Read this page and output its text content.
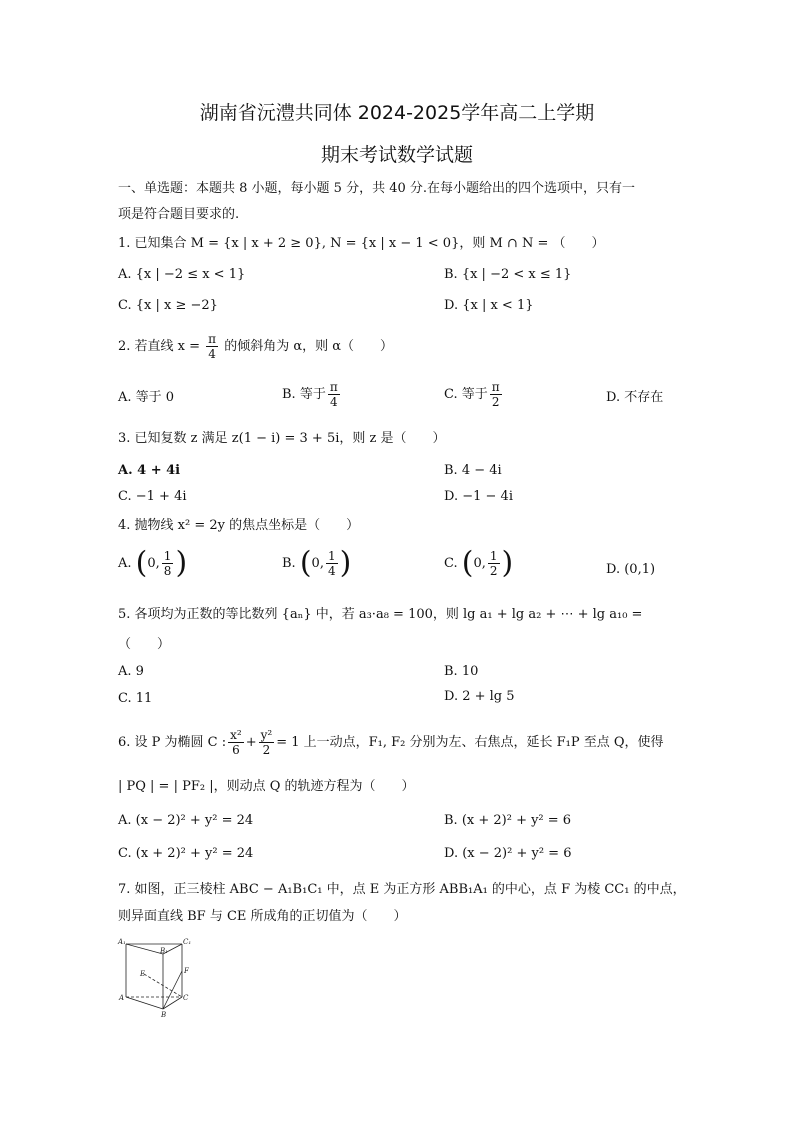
湖南省沅澧共同体 2024-2025学年高二上学期
期末考试数学试题
一、单选题：本题共 8 小题，每小题 5 分，共 40 分.在每小题给出的四个选项中，只有一
项是符合题目要求的.
1. 已知集合 M = {x | x + 2 ≥ 0}, N = {x | x − 1 < 0}，则 M ∩ N = （　　）
A. {x | −2 ≤ x < 1}	B. {x | −2 < x ≤ 1}
C. {x | x ≥ −2}	D. {x | x < 1}
2. 若直线 $x = \frac{\pi}{4}$ 的倾斜角为 α，则 α（　　）
A. 等于 0	B. 等于 $\frac{\pi}{4}$	C. 等于 $\frac{\pi}{2}$	D. 不存在
3. 已知复数 z 满足 z(1 − i) = 3 + 5i，则 z 是（　　）
A. 4 + 4i	B. 4 − 4i
C. −1 + 4i	D. −1 − 4i
4. 抛物线 x² = 2y 的焦点坐标是（　　）
A. (0, $\frac{1}{8}$ )	B. (0, $\frac{1}{4}$ )	C. (0, $\frac{1}{2}$ )	D. (0,1)
5. 各项均为正数的等比数列 {aₙ} 中，若 a₃·a₈ = 100，则 lg a₁ + lg a₂ + ⋯ + lg a₁₀ =
（　　）
A. 9	B. 10
C. 11	D. 2 + lg 5
6. 设 P 为椭圆 C : $\frac{\text{x²}}{6} + \frac{\text{y²}}{2} = 1$ 上一动点，F₁, F₂ 分别为左、右焦点，延长 F₁P 至点 Q，使得
| PQ | = | PF₂ |，则动点 Q 的轨迹方程为（　　）
A. (x − 2)² + y² = 24	B. (x + 2)² + y² = 6
C. (x + 2)² + y² = 24	D. (x − 2)² + y² = 6
7. 如图，正三棱柱 ABC − A₁B₁C₁ 中，点 E 为正方形 ABB₁A₁ 的中心，点 F 为棱 CC₁ 的中点，
则异面直线 BF 与 CE 所成角的正切值为（　　）
A₁
B₁
C₁
E	F
A	C
B
